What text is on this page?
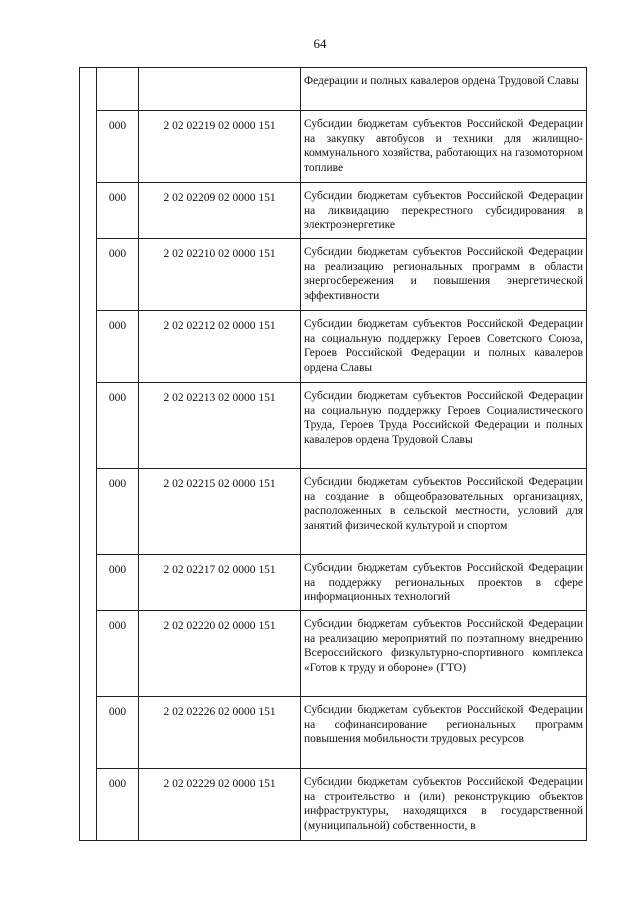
64

			Федерации и полных кавалеров ордена Трудовой Славы

	000	2 02 02219 02 0000 151	Субсидии бюджетам субъектов Российской Федерации на закупку автобусов и техники для жилищно-коммунального хозяйства, работающих на газомоторном топливе

	000	2 02 02209 02 0000 151	Субсидии бюджетам субъектов Российской Федерации на ликвидацию перекрестного субсидирования в электроэнергетике

	000	2 02 02210 02 0000 151	Субсидии бюджетам субъектов Российской Федерации на реализацию региональных программ в области энергосбережения и повышения энергетической эффективности

	000	2 02 02212 02 0000 151	Субсидии бюджетам субъектов Российской Федерации на социальную поддержку Героев Советского Союза, Героев Российской Федерации и полных кавалеров ордена Славы

	000	2 02 02213 02 0000 151	Субсидии бюджетам субъектов Российской Федерации на социальную поддержку Героев Социалистического Труда, Героев Труда Российской Федерации и полных кавалеров ордена Трудовой Славы

	000	2 02 02215 02 0000 151	Субсидии бюджетам субъектов Российской Федерации на создание в общеобразовательных организациях, расположенных в сельской местности, условий для занятий физической культурой и спортом

	000	2 02 02217 02 0000 151	Субсидии бюджетам субъектов Российской Федерации на поддержку региональных проектов в сфере информационных технологий

	000	2 02 02220 02 0000 151	Субсидии бюджетам субъектов Российской Федерации на реализацию мероприятий по поэтапному внедрению Всероссийского физкультурно-спортивного комплекса «Готов к труду и обороне» (ГТО)

	000	2 02 02226 02 0000 151	Субсидии бюджетам субъектов Российской Федерации на софинансирование региональных программ повышения мобильности трудовых ресурсов

	000	2 02 02229 02 0000 151	Субсидии бюджетам субъектов Российской Федерации на строительство и (или) реконструкцию объектов инфраструктуры, находящихся в государственной (муниципальной) собственности, в
